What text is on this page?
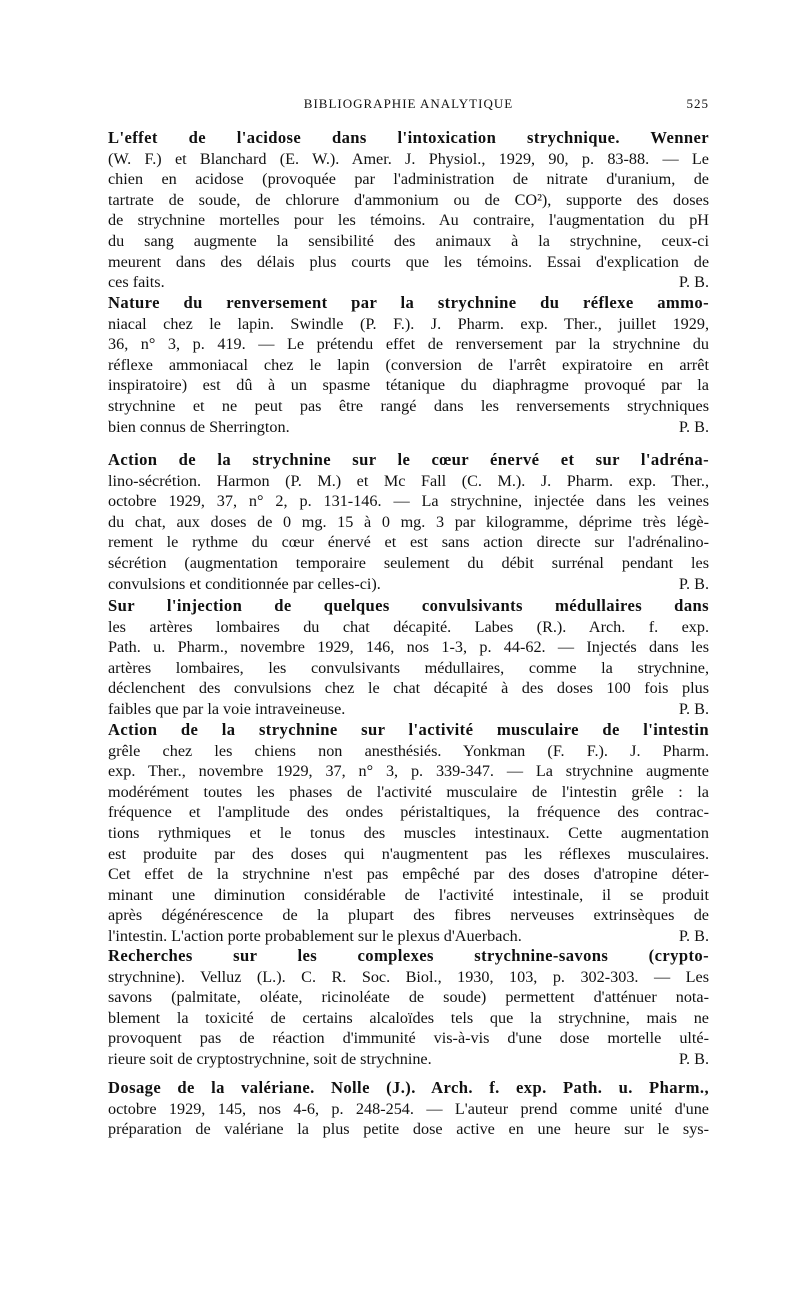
BIBLIOGRAPHIE ANALYTIQUE	525
L'effet de l'acidose dans l'intoxication strychnique. Wenner
(W. F.) et Blanchard (E. W.). Amer. J. Physiol., 1929, 90, p. 83-88. — Le
chien en acidose (provoquée par l'administration de nitrate d'uranium, de
tartrate de soude, de chlorure d'ammonium ou de CO²), supporte des doses
de strychnine mortelles pour les témoins. Au contraire, l'augmentation du pH
du sang augmente la sensibilité des animaux à la strychnine, ceux-ci
meurent dans des délais plus courts que les témoins. Essai d'explication de
ces faits.	P. B.
Nature du renversement par la strychnine du réflexe ammo-
niacal chez le lapin. Swindle (P. F.). J. Pharm. exp. Ther., juillet 1929,
36, n° 3, p. 419. — Le prétendu effet de renversement par la strychnine du
réflexe ammoniacal chez le lapin (conversion de l'arrêt expiratoire en arrêt
inspiratoire) est dû à un spasme tétanique du diaphragme provoqué par la
strychnine et ne peut pas être rangé dans les renversements strychniques
bien connus de Sherrington.	P. B.
Action de la strychnine sur le cœur énervé et sur l'adréna-
lino-sécrétion. Harmon (P. M.) et Mc Fall (C. M.). J. Pharm. exp. Ther.,
octobre 1929, 37, n° 2, p. 131-146. — La strychnine, injectée dans les veines
du chat, aux doses de 0 mg. 15 à 0 mg. 3 par kilogramme, déprime très légè-
rement le rythme du cœur énervé et est sans action directe sur l'adrénalino-
sécrétion (augmentation temporaire seulement du débit surrénal pendant les
convulsions et conditionnée par celles-ci).	P. B.
Sur l'injection de quelques convulsivants médullaires dans
les artères lombaires du chat décapité. Labes (R.). Arch. f. exp.
Path. u. Pharm., novembre 1929, 146, nos 1-3, p. 44-62. — Injectés dans les
artères lombaires, les convulsivants médullaires, comme la strychnine,
déclenchent des convulsions chez le chat décapité à des doses 100 fois plus
faibles que par la voie intraveineuse.	P. B.
Action de la strychnine sur l'activité musculaire de l'intestin
grêle chez les chiens non anesthésiés. Yonkman (F. F.). J. Pharm.
exp. Ther., novembre 1929, 37, n° 3, p. 339-347. — La strychnine augmente
modérément toutes les phases de l'activité musculaire de l'intestin grêle : la
fréquence et l'amplitude des ondes péristaltiques, la fréquence des contrac-
tions rythmiques et le tonus des muscles intestinaux. Cette augmentation
est produite par des doses qui n'augmentent pas les réflexes musculaires.
Cet effet de la strychnine n'est pas empêché par des doses d'atropine déter-
minant une diminution considérable de l'activité intestinale, il se produit
après dégénérescence de la plupart des fibres nerveuses extrinsèques de
l'intestin. L'action porte probablement sur le plexus d'Auerbach.	P. B.
Recherches sur les complexes strychnine-savons (crypto-
strychnine). Velluz (L.). C. R. Soc. Biol., 1930, 103, p. 302-303. — Les
savons (palmitate, oléate, ricinoléate de soude) permettent d'atténuer nota-
blement la toxicité de certains alcaloïdes tels que la strychnine, mais ne
provoquent pas de réaction d'immunité vis-à-vis d'une dose mortelle ulté-
rieure soit de cryptostrychnine, soit de strychnine.	P. B.
Dosage de la valériane. Nolle (J.). Arch. f. exp. Path. u. Pharm.,
octobre 1929, 145, nos 4-6, p. 248-254. — L'auteur prend comme unité d'une
préparation de valériane la plus petite dose active en une heure sur le sys-
